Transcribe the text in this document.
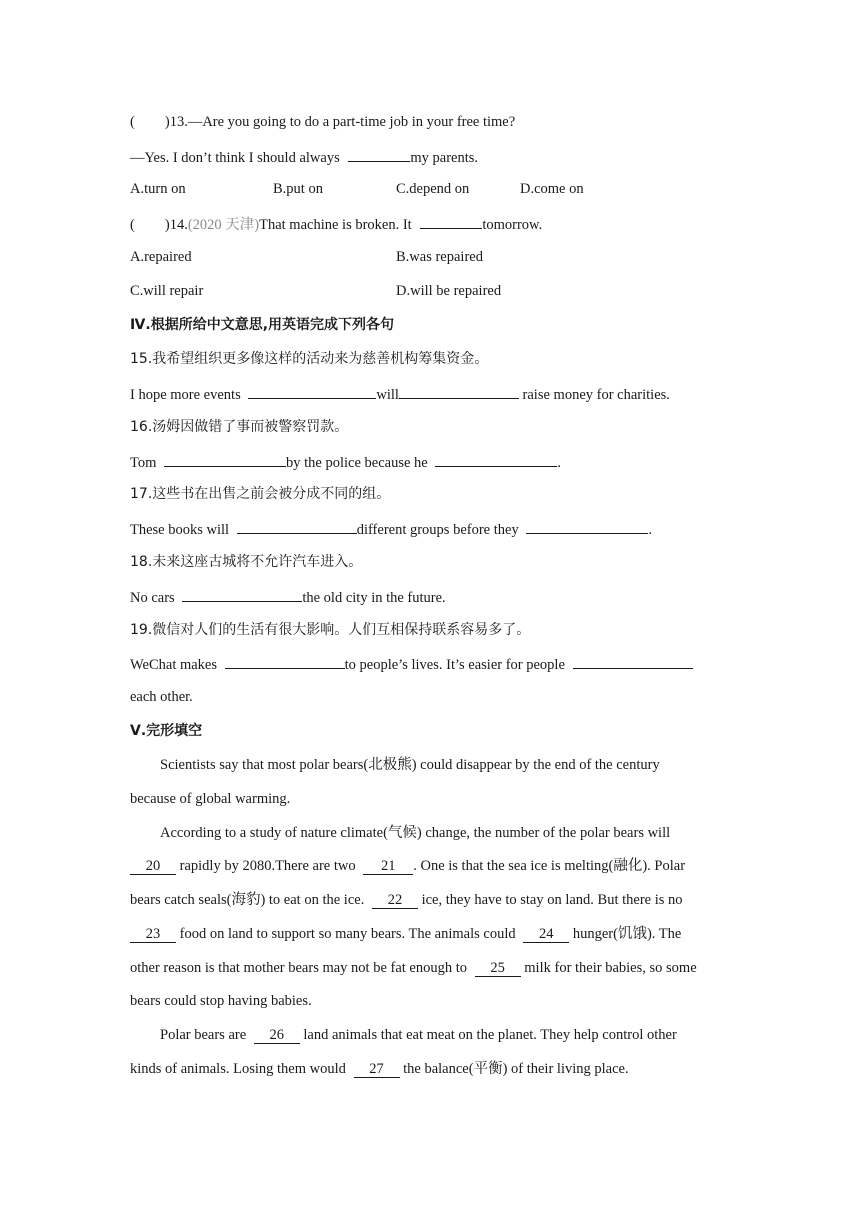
( )13.—Are you going to do a part-time job in your free time?
—Yes. I don’t think I should always	my parents.
A.turn on	B.put on	C.depend on	D.come on
( )14.(2020 天津)That machine is broken. It	tomorrow.
A.repaired	B.was repaired
C.will repair	D.will be repaired
Ⅳ.根据所给中文意思,用英语完成下列各句
15.我希望组织更多像这样的活动来为慈善机构筹集资金。
I hope more events	will	raise money for charities.
16.汤姆因做错了事而被警察罚款。
Tom	by the police because he	.
17.这些书在出售之前会被分成不同的组。
These books will	different groups before they	.
18.未来这座古城将不允许汽车进入。
No cars	the old city in the future.
19.微信对人们的生活有很大影响。人们互相保持联系容易多了。
WeChat makes	to people’s lives. It’s easier for people
each other.
Ⅴ.完形填空
Scientists say that most polar bears(北极熊) could disappear by the end of the century
because of global warming.
According to a study of nature climate(气候) change, the number of the polar bears will
20 rapidly by 2080.There are two 21 . One is that the sea ice is melting(融化). Polar
bears catch seals(海豹) to eat on the ice. 22 ice, they have to stay on land. But there is no
23 food on land to support so many bears. The animals could 24 hunger(饥饿). The
other reason is that mother bears may not be fat enough to 25 milk for their babies, so some
bears could stop having babies.
Polar bears are 26 land animals that eat meat on the planet. They help control other
kinds of animals. Losing them would 27 the balance(平衡) of their living place.
